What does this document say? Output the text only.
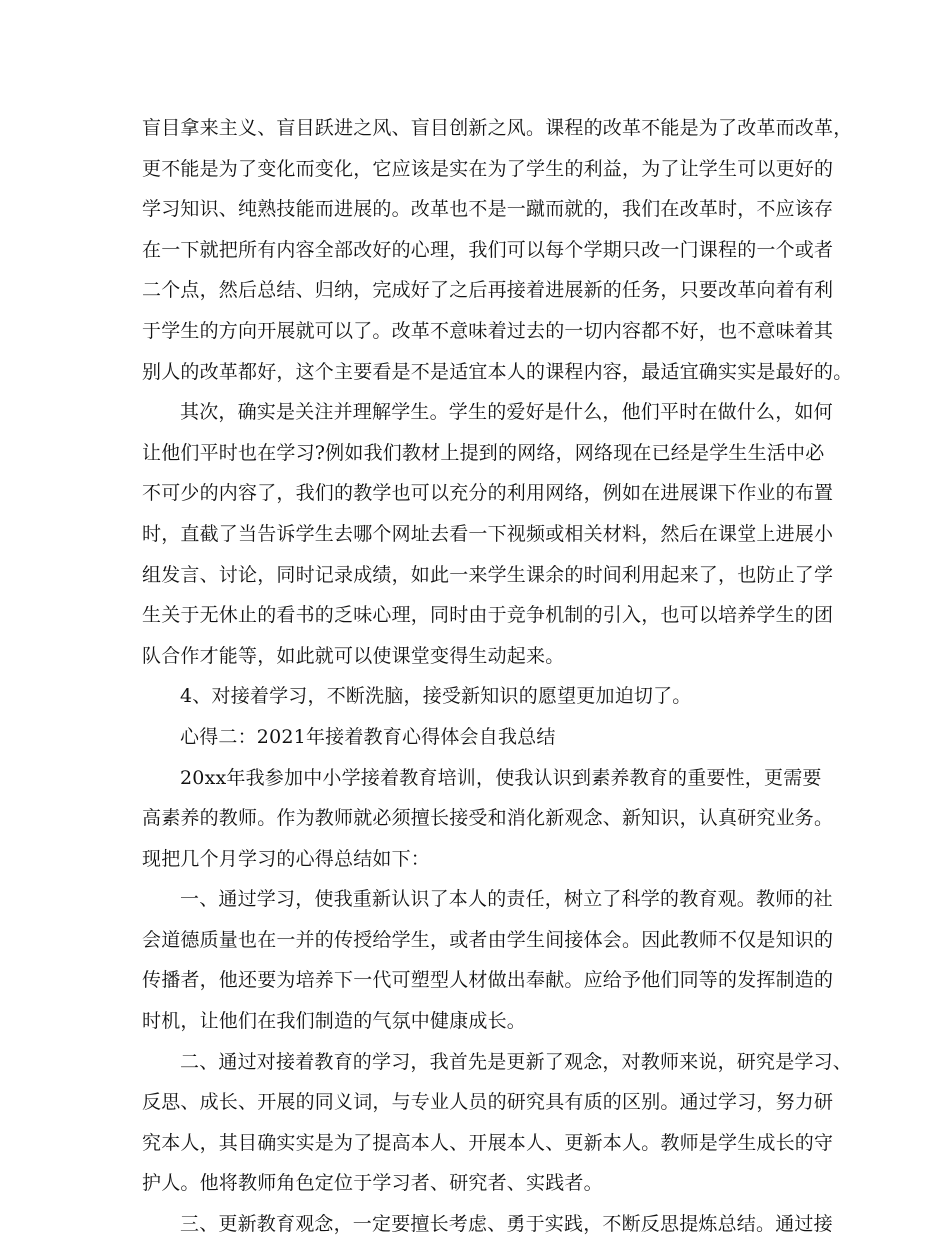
盲目拿来主义、盲目跃进之风、盲目创新之风。课程的改革不能是为了改革而改革，
更不能是为了变化而变化，它应该是实在为了学生的利益，为了让学生可以更好的
学习知识、纯熟技能而进展的。改革也不是一蹴而就的，我们在改革时，不应该存
在一下就把所有内容全部改好的心理，我们可以每个学期只改一门课程的一个或者
二个点，然后总结、归纳，完成好了之后再接着进展新的任务，只要改革向着有利
于学生的方向开展就可以了。改革不意味着过去的一切内容都不好，也不意味着其
别人的改革都好，这个主要看是不是适宜本人的课程内容，最适宜确实实是最好的。
其次，确实是关注并理解学生。学生的爱好是什么，他们平时在做什么，如何
让他们平时也在学习?例如我们教材上提到的网络，网络现在已经是学生生活中必
不可少的内容了，我们的教学也可以充分的利用网络，例如在进展课下作业的布置
时，直截了当告诉学生去哪个网址去看一下视频或相关材料，然后在课堂上进展小
组发言、讨论，同时记录成绩，如此一来学生课余的时间利用起来了，也防止了学
生关于无休止的看书的乏味心理，同时由于竞争机制的引入，也可以培养学生的团
队合作才能等，如此就可以使课堂变得生动起来。
4、对接着学习，不断洗脑，接受新知识的愿望更加迫切了。
心得二：2021年接着教育心得体会自我总结
20xx年我参加中小学接着教育培训，使我认识到素养教育的重要性，更需要
高素养的教师。作为教师就必须擅长接受和消化新观念、新知识，认真研究业务。
现把几个月学习的心得总结如下：
一、通过学习，使我重新认识了本人的责任，树立了科学的教育观。教师的社
会道德质量也在一并的传授给学生，或者由学生间接体会。因此教师不仅是知识的
传播者，他还要为培养下一代可塑型人材做出奉献。应给予他们同等的发挥制造的
时机，让他们在我们制造的气氛中健康成长。
二、通过对接着教育的学习，我首先是更新了观念，对教师来说，研究是学习、
反思、成长、开展的同义词，与专业人员的研究具有质的区别。通过学习，努力研
究本人，其目确实实是为了提高本人、开展本人、更新本人。教师是学生成长的守
护人。他将教师角色定位于学习者、研究者、实践者。
三、更新教育观念，一定要擅长考虑、勇于实践，不断反思提炼总结。通过接
